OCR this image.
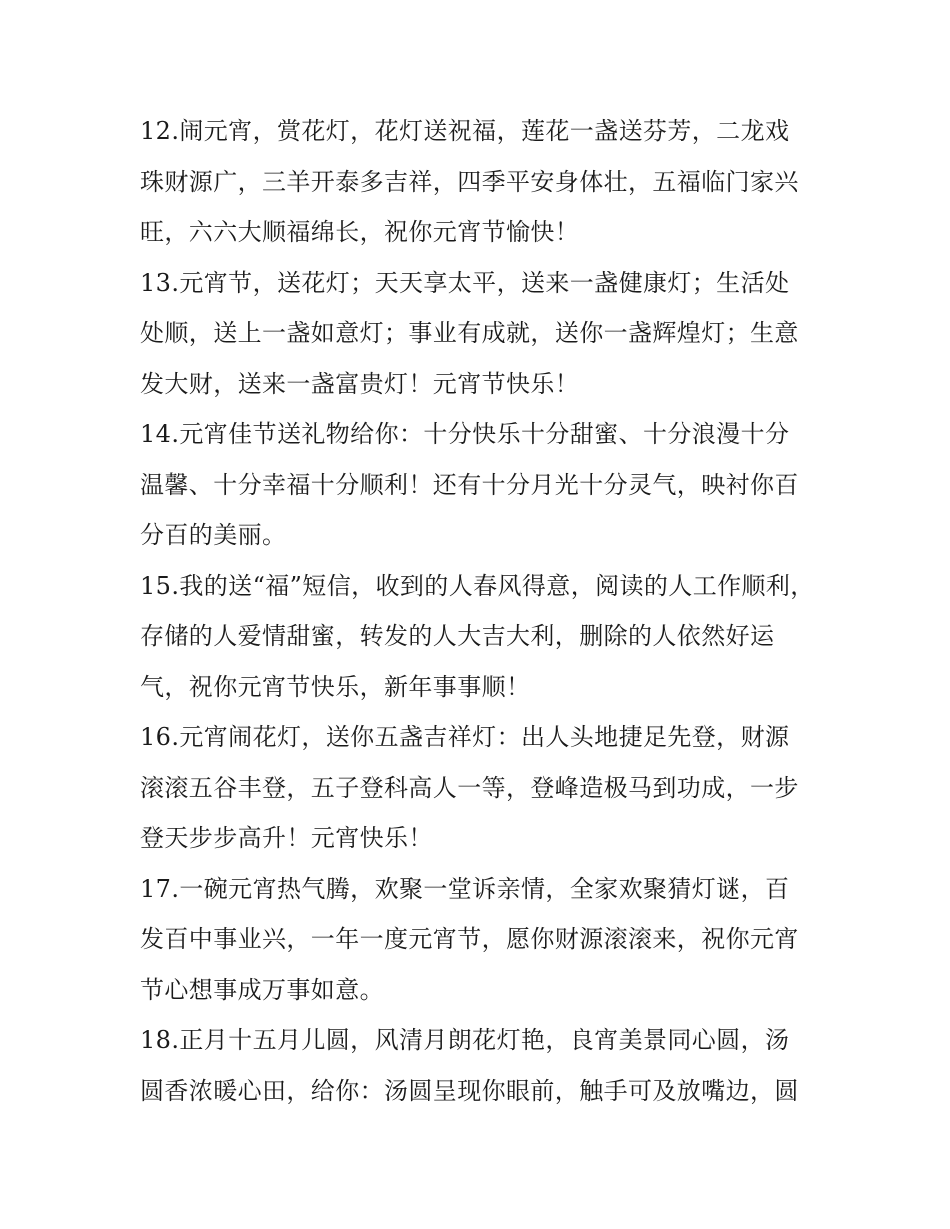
12.闹元宵，赏花灯，花灯送祝福，莲花一盏送芬芳，二龙戏
珠财源广，三羊开泰多吉祥，四季平安身体壮，五福临门家兴
旺，六六大顺福绵长，祝你元宵节愉快！
13.元宵节，送花灯；天天享太平，送来一盏健康灯；生活处
处顺，送上一盏如意灯；事业有成就，送你一盏辉煌灯；生意
发大财，送来一盏富贵灯！元宵节快乐！
14.元宵佳节送礼物给你：十分快乐十分甜蜜、十分浪漫十分
温馨、十分幸福十分顺利！还有十分月光十分灵气，映衬你百
分百的美丽。
15.我的送“福”短信，收到的人春风得意，阅读的人工作顺利，
存储的人爱情甜蜜，转发的人大吉大利，删除的人依然好运
气，祝你元宵节快乐，新年事事顺！
16.元宵闹花灯，送你五盏吉祥灯：出人头地捷足先登，财源
滚滚五谷丰登，五子登科高人一等，登峰造极马到功成，一步
登天步步高升！元宵快乐！
17.一碗元宵热气腾，欢聚一堂诉亲情，全家欢聚猜灯谜，百
发百中事业兴，一年一度元宵节，愿你财源滚滚来，祝你元宵
节心想事成万事如意。
18.正月十五月儿圆，风清月朗花灯艳，良宵美景同心圆，汤
圆香浓暖心田，给你：汤圆呈现你眼前，触手可及放嘴边，圆
